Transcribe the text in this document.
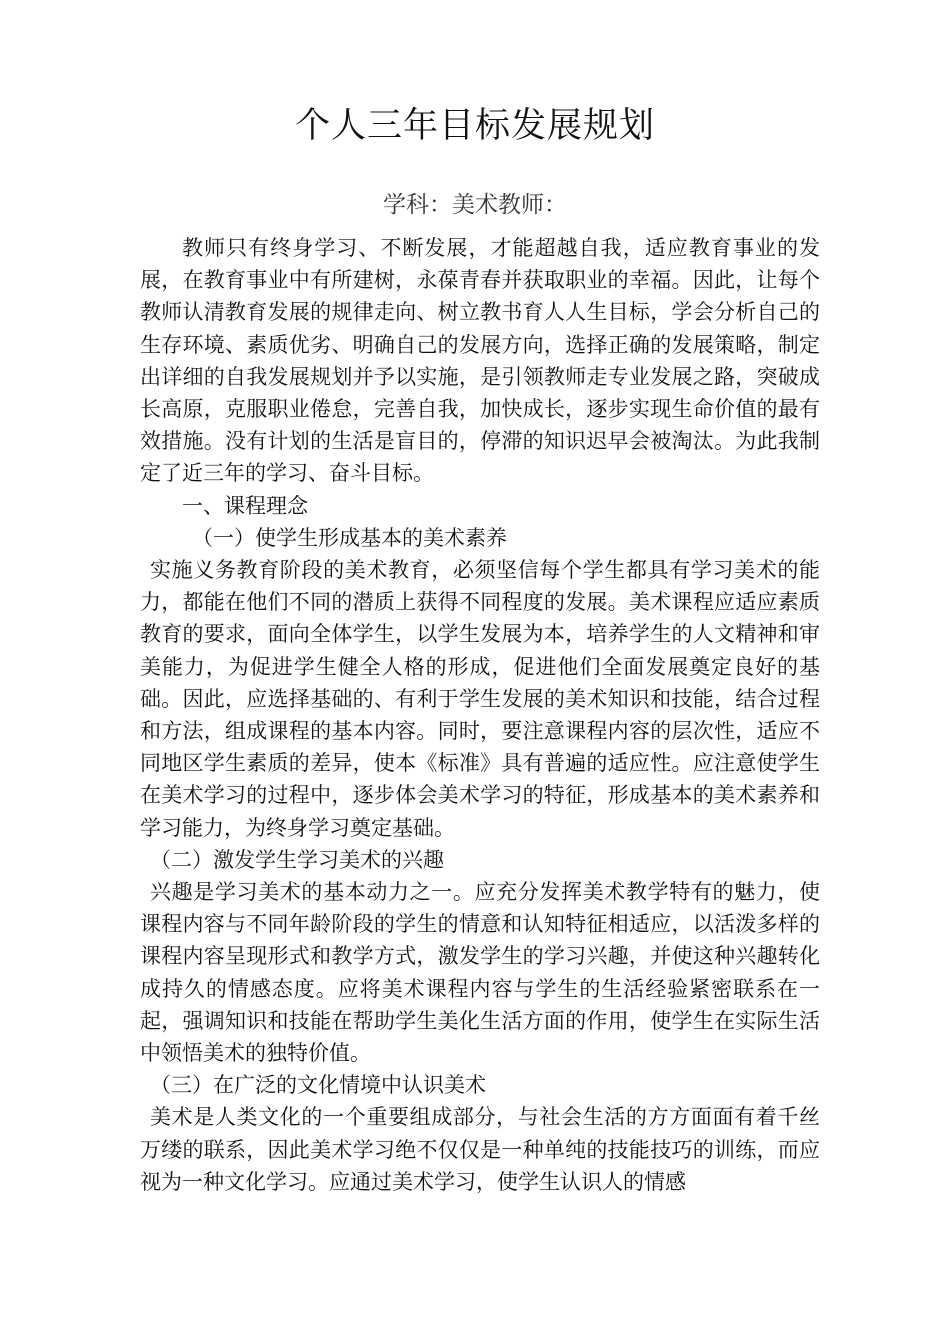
个人三年目标发展规划
学科：美术教师：

教师只有终身学习、不断发展，才能超越自我，适应教育事业的发展，在教育事业中有所建树，永葆青春并获取职业的幸福。因此，让每个教师认清教育发展的规律走向、树立教书育人人生目标，学会分析自己的生存环境、素质优劣、明确自己的发展方向，选择正确的发展策略，制定出详细的自我发展规划并予以实施，是引领教师走专业发展之路，突破成长高原，克服职业倦怠，完善自我，加快成长，逐步实现生命价值的最有效措施。没有计划的生活是盲目的，停滞的知识迟早会被淘汰。为此我制定了近三年的学习、奋斗目标。

一、课程理念

（一）使学生形成基本的美术素养

实施义务教育阶段的美术教育，必须坚信每个学生都具有学习美术的能力，都能在他们不同的潜质上获得不同程度的发展。美术课程应适应素质教育的要求，面向全体学生，以学生发展为本，培养学生的人文精神和审美能力，为促进学生健全人格的形成，促进他们全面发展奠定良好的基础。因此，应选择基础的、有利于学生发展的美术知识和技能，结合过程和方法，组成课程的基本内容。同时，要注意课程内容的层次性，适应不同地区学生素质的差异，使本《标准》具有普遍的适应性。应注意使学生在美术学习的过程中，逐步体会美术学习的特征，形成基本的美术素养和学习能力，为终身学习奠定基础。

（二）激发学生学习美术的兴趣

兴趣是学习美术的基本动力之一。应充分发挥美术教学特有的魅力，使课程内容与不同年龄阶段的学生的情意和认知特征相适应，以活泼多样的课程内容呈现形式和教学方式，激发学生的学习兴趣，并使这种兴趣转化成持久的情感态度。应将美术课程内容与学生的生活经验紧密联系在一起，强调知识和技能在帮助学生美化生活方面的作用，使学生在实际生活中领悟美术的独特价值。

（三）在广泛的文化情境中认识美术

美术是人类文化的一个重要组成部分，与社会生活的方方面面有着千丝万缕的联系，因此美术学习绝不仅仅是一种单纯的技能技巧的训练，而应视为一种文化学习。应通过美术学习，使学生认识人的情感
